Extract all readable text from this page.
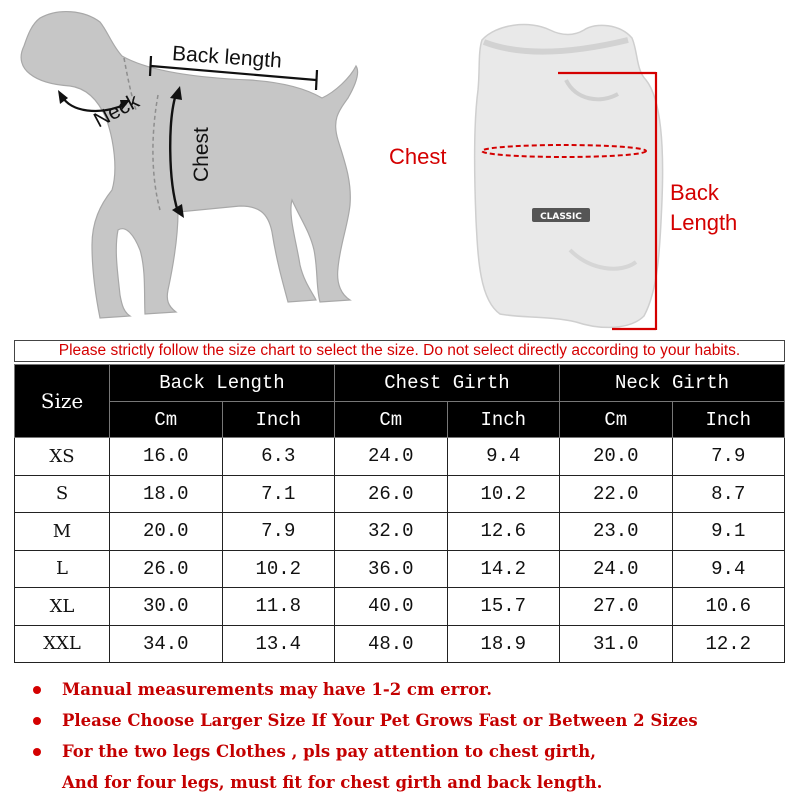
Back length
Neck
Chest
CLASSIC
Chest
Back
Length
Please strictly follow the size chart to select the size. Do not select directly according to your habits.
Size	Back Length		Chest Girth		Neck Girth	
	Cm	Inch	Cm	Inch	Cm	Inch
XS	16.0	6.3	24.0	9.4	20.0	7.9
S	18.0	7.1	26.0	10.2	22.0	8.7
M	20.0	7.9	32.0	12.6	23.0	9.1
L	26.0	10.2	36.0	14.2	24.0	9.4
XL	30.0	11.8	40.0	15.7	27.0	10.6
XXL	34.0	13.4	48.0	18.9	31.0	12.2
Manual measurements may have 1-2 cm error.
Please Choose Larger Size If Your Pet Grows Fast or Between 2 Sizes
For the two legs Clothes , pls pay attention to chest girth,
And for four legs, must fit for chest girth and back length.
